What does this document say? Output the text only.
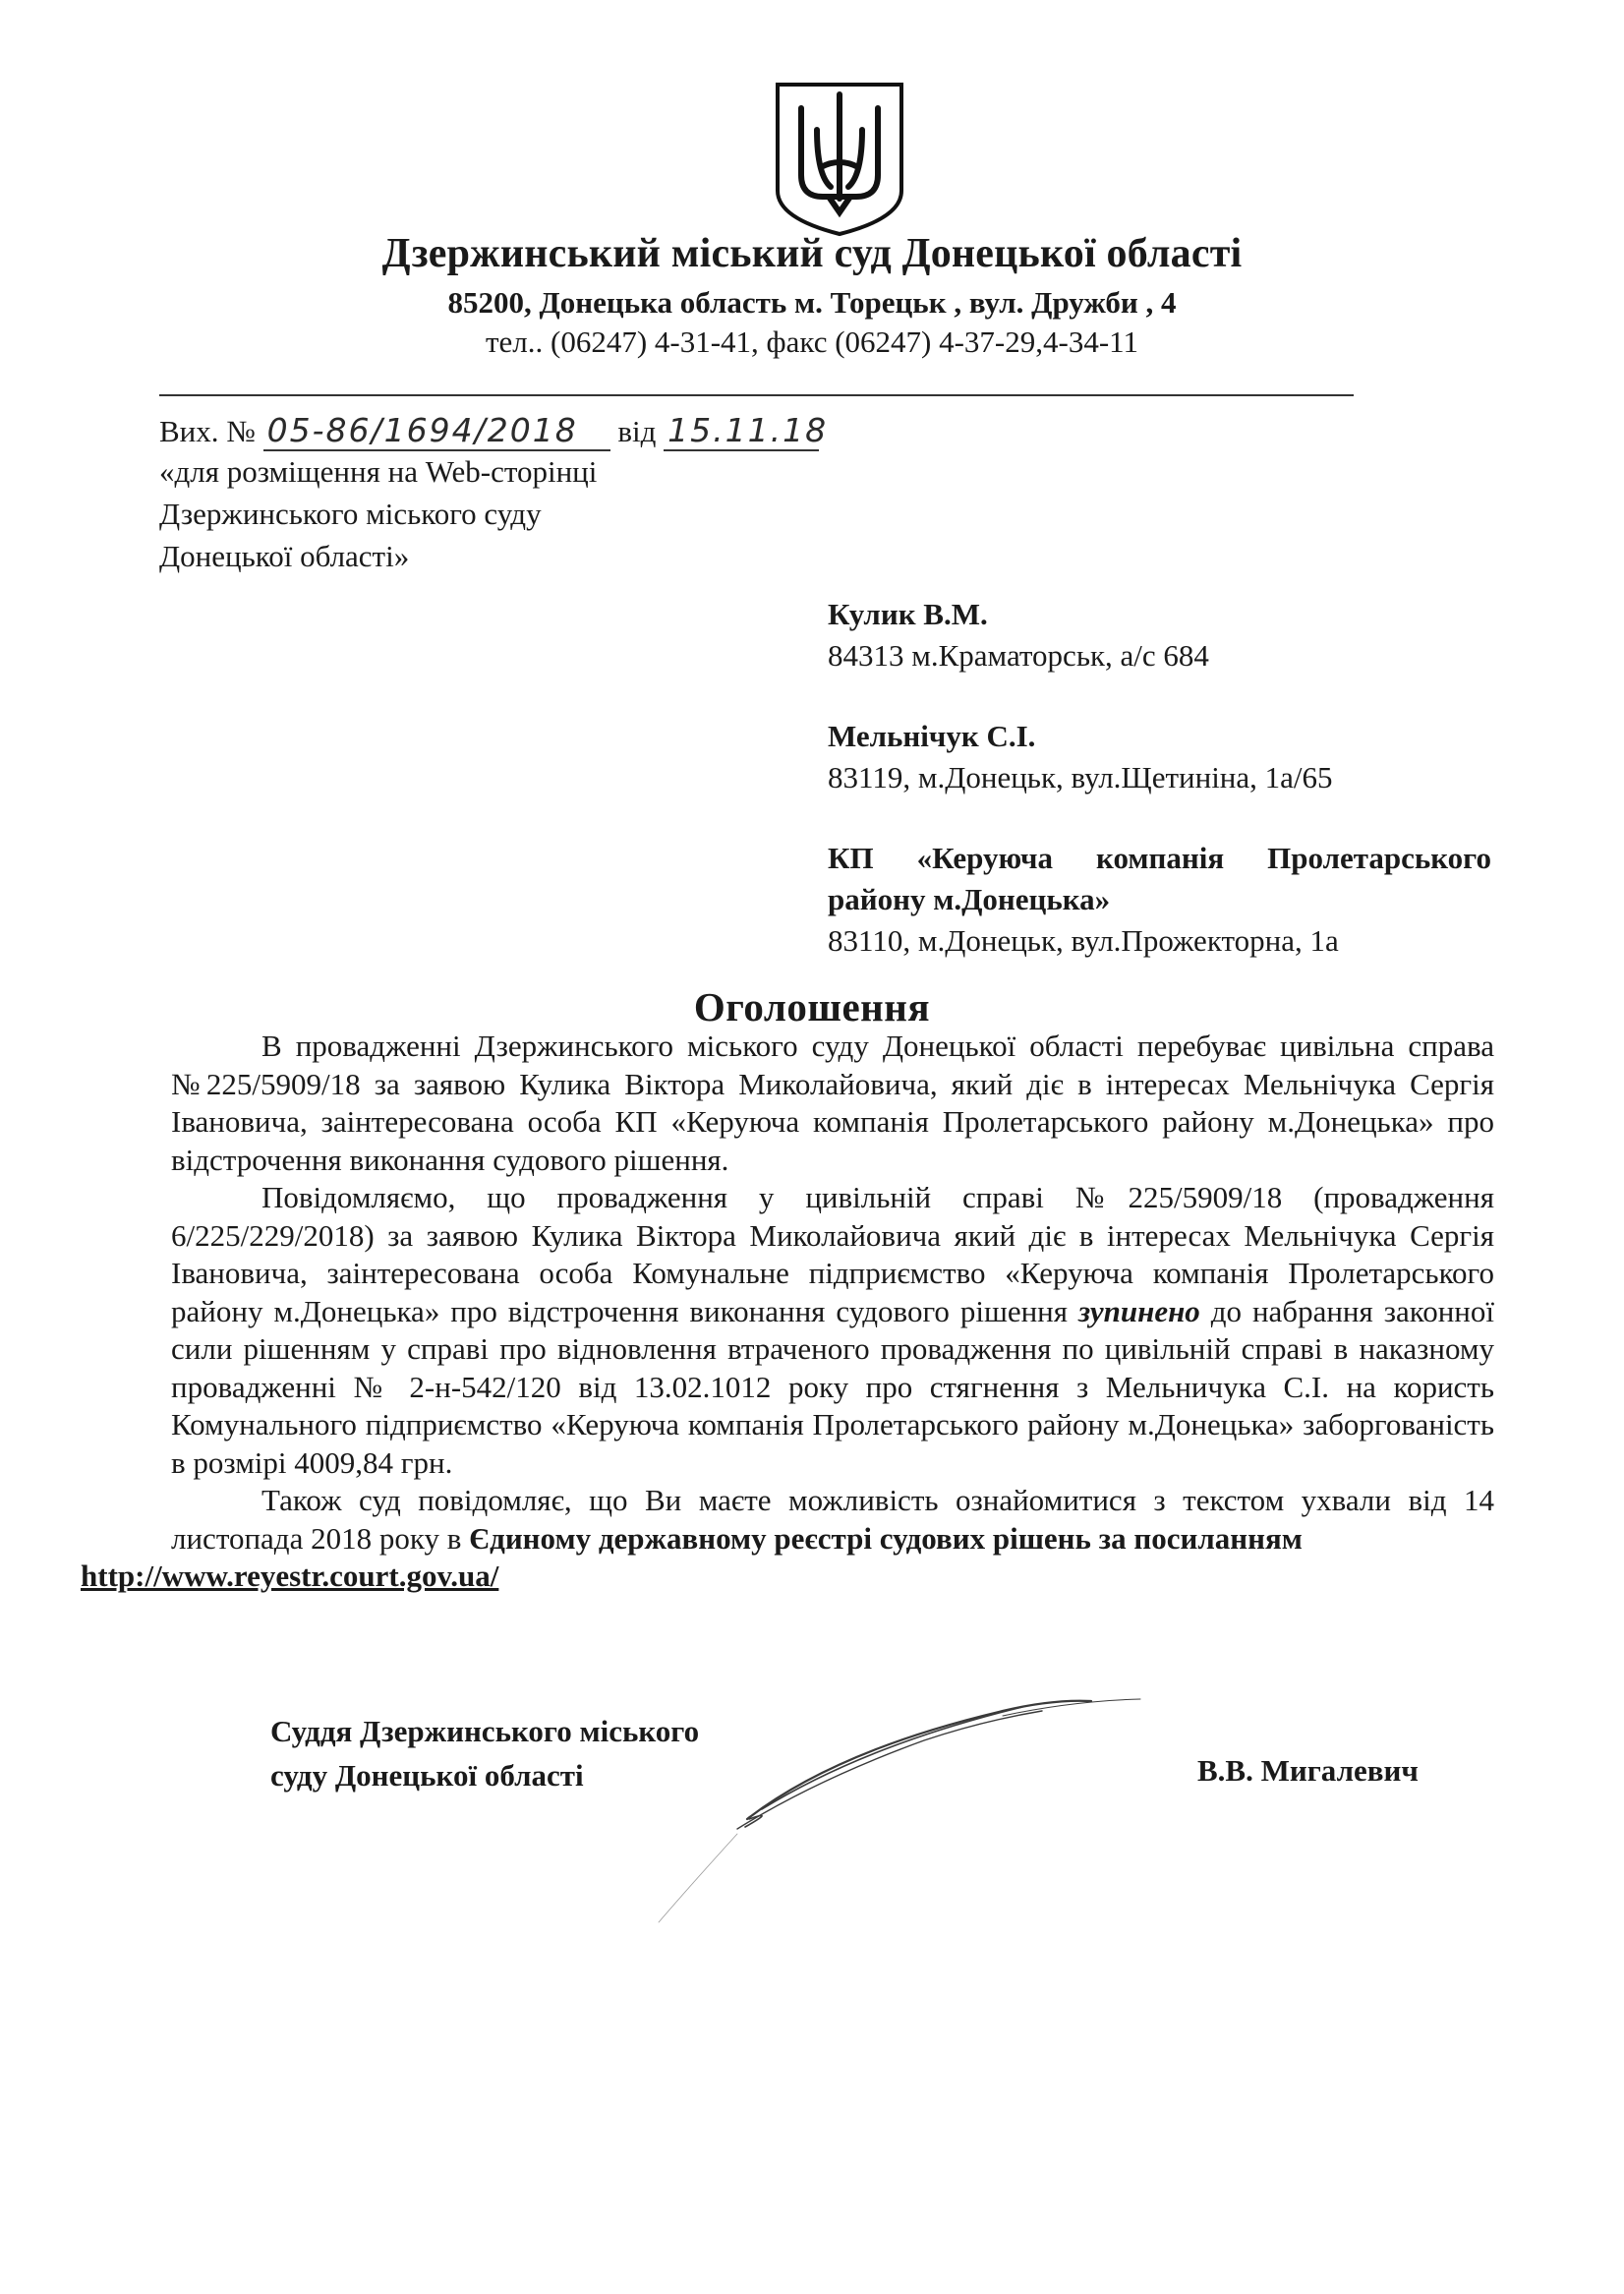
Дзержинський міський суд Донецької області
85200, Донецька область м. Торецьк , вул. Дружби , 4
тел.. (06247) 4-31-41, факс (06247) 4-37-29,4-34-11
Вих. № 05-86/1694/2018 від 15.11.18
«для розміщення на Web-сторінці
Дзержинського міського суду
Донецької області»
Кулик В.М.
84313 м.Краматорськ, а/с 684
Мельнічук С.І.
83119, м.Донецьк, вул.Щетиніна, 1а/65
КП «Керуюча компанія Пролетарського
району м.Донецька»
83110, м.Донецьк, вул.Прожекторна, 1а
Оголошення

В провадженні Дзержинського міського суду Донецької області перебуває цивільна справа №225/5909/18 за заявою Кулика Віктора Миколайовича, який діє в інтересах Мельнічука Сергія Івановича, заінтересована особа КП «Керуюча компанія Пролетарського району м.Донецька» про відстрочення виконання судового рішення.

Повідомляємо, що провадження у цивільній справі №225/5909/18 (провадження 6/225/229/2018) за заявою Кулика Віктора Миколайовича який діє в інтересах Мельнічука Сергія Івановича, заінтересована особа Комунальне підприємство «Керуюча компанія Пролетарського району м.Донецька» про відстрочення виконання судового рішення зупинено до набрання законної сили рішенням у справі про відновлення втраченого провадження по цивільній справі в наказному провадженні № 2-н-542/120 від 13.02.1012 року про стягнення з Мельничука С.І. на користь Комунального підприємство «Керуюча компанія Пролетарського району м.Донецька» заборгованість в розмірі 4009,84 грн.

Також суд повідомляє, що Ви маєте можливість ознайомитися з текстом ухвали від 14 листопада 2018 року в Єдиному державному реєстрі судових рішень за посиланням
http://www.reyestr.court.gov.ua/

Суддя Дзержинського міського
суду Донецької області	В.В. Мигалевич
